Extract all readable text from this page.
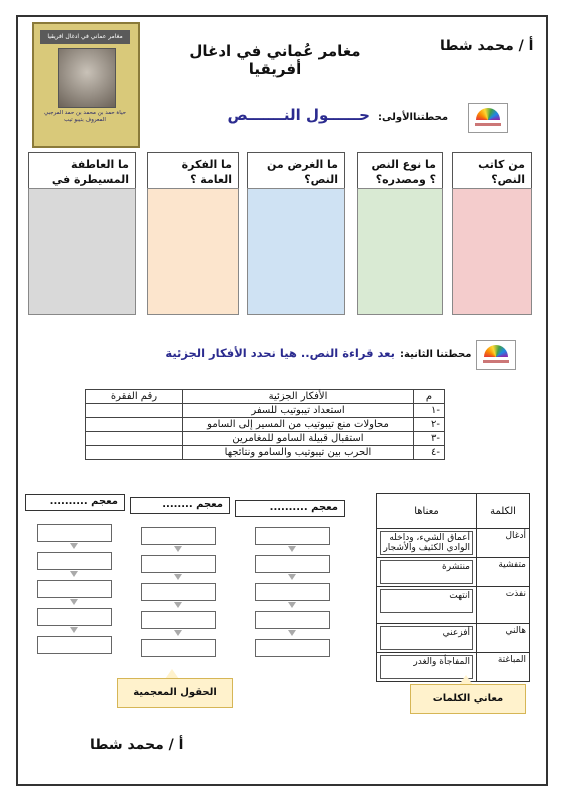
مغامر عماني في ادغال افريقيا
حياة حمد بن محمد بن حمد المرجبي
المعروف بتيبو تيب
مغامر عُماني في ادغال أفريقيا
أ / محمد شطا
محطتناالأولى:
حــــــول النـــــــص
من كاتب النص؟
ما نوع النص ؟ ومصدره؟
ما الغرض من النص؟
ما الفكرة العامة ؟
ما العاطفة المسيطرة في
محطتنا الثانية:
بعد قراءة النص.. هيا نحدد الأفكار الجزئية
م	الأفكار الجزئية	رقم الفقرة
-١	استعداد تيبوتيب للسفر	
-٢	محاولات منع تيبوتيب من المسير إلى السامو	
-٣	استقبال قبيلة السامو للمغامرين	
-٤	الحرب بين تيبوتيب والسامو ونتائجها	
معجم ..........
معجم ........
معجم ..........
الكلمة	معناها
أدغال	أعماق الشيء، وداخله الوادي الكثيف والأشجار

متفشية	منتشرة

نفذت	انتهت

هالني	أفزعني

المباغتة	المفاجأة والغدر
الحقول المعجمية
معاني الكلمات
أ / محمد شطا
